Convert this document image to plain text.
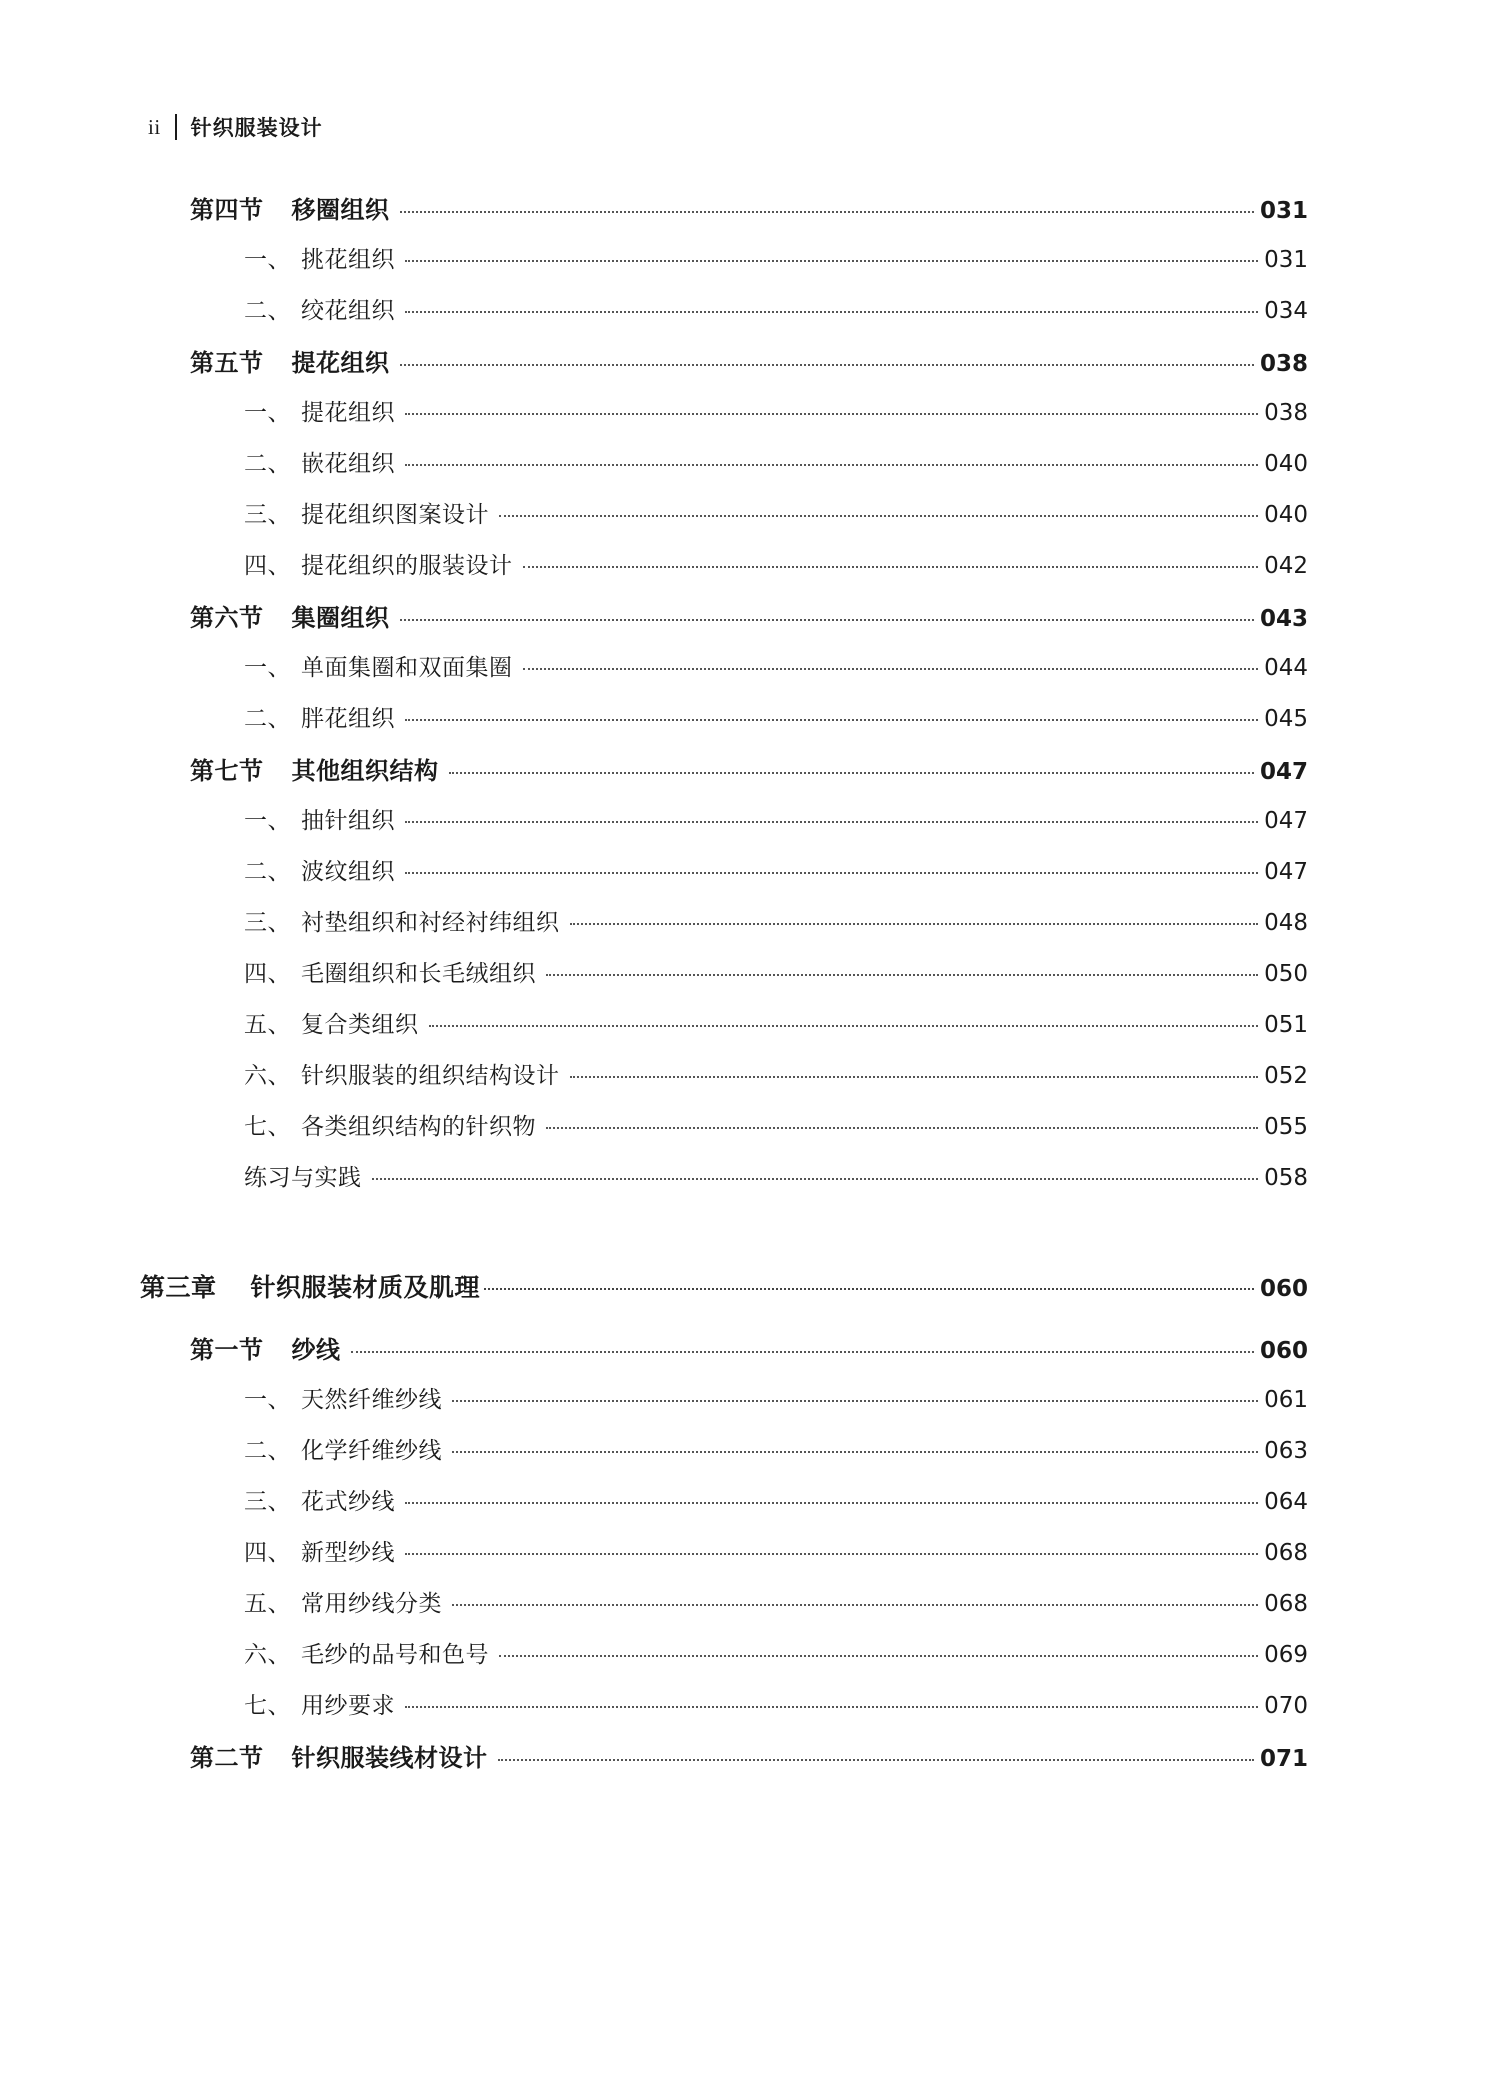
ii 针织服装设计
第四节 移圈组织	031
一、 挑花组织	031
二、 绞花组织	034
第五节 提花组织	038
一、 提花组织	038
二、 嵌花组织	040
三、 提花组织图案设计	040
四、 提花组织的服装设计	042
第六节 集圈组织	043
一、 单面集圈和双面集圈	044
二、 胖花组织	045
第七节 其他组织结构	047
一、 抽针组织	047
二、 波纹组织	047
三、 衬垫组织和衬经衬纬组织	048
四、 毛圈组织和长毛绒组织	050
五、 复合类组织	051
六、 针织服装的组织结构设计	052
七、 各类组织结构的针织物	055
练习与实践	058
第三章 针织服装材质及肌理	060
第一节 纱线	060
一、 天然纤维纱线	061
二、 化学纤维纱线	063
三、 花式纱线	064
四、 新型纱线	068
五、 常用纱线分类	068
六、 毛纱的品号和色号	069
七、 用纱要求	070
第二节 针织服装线材设计	071
